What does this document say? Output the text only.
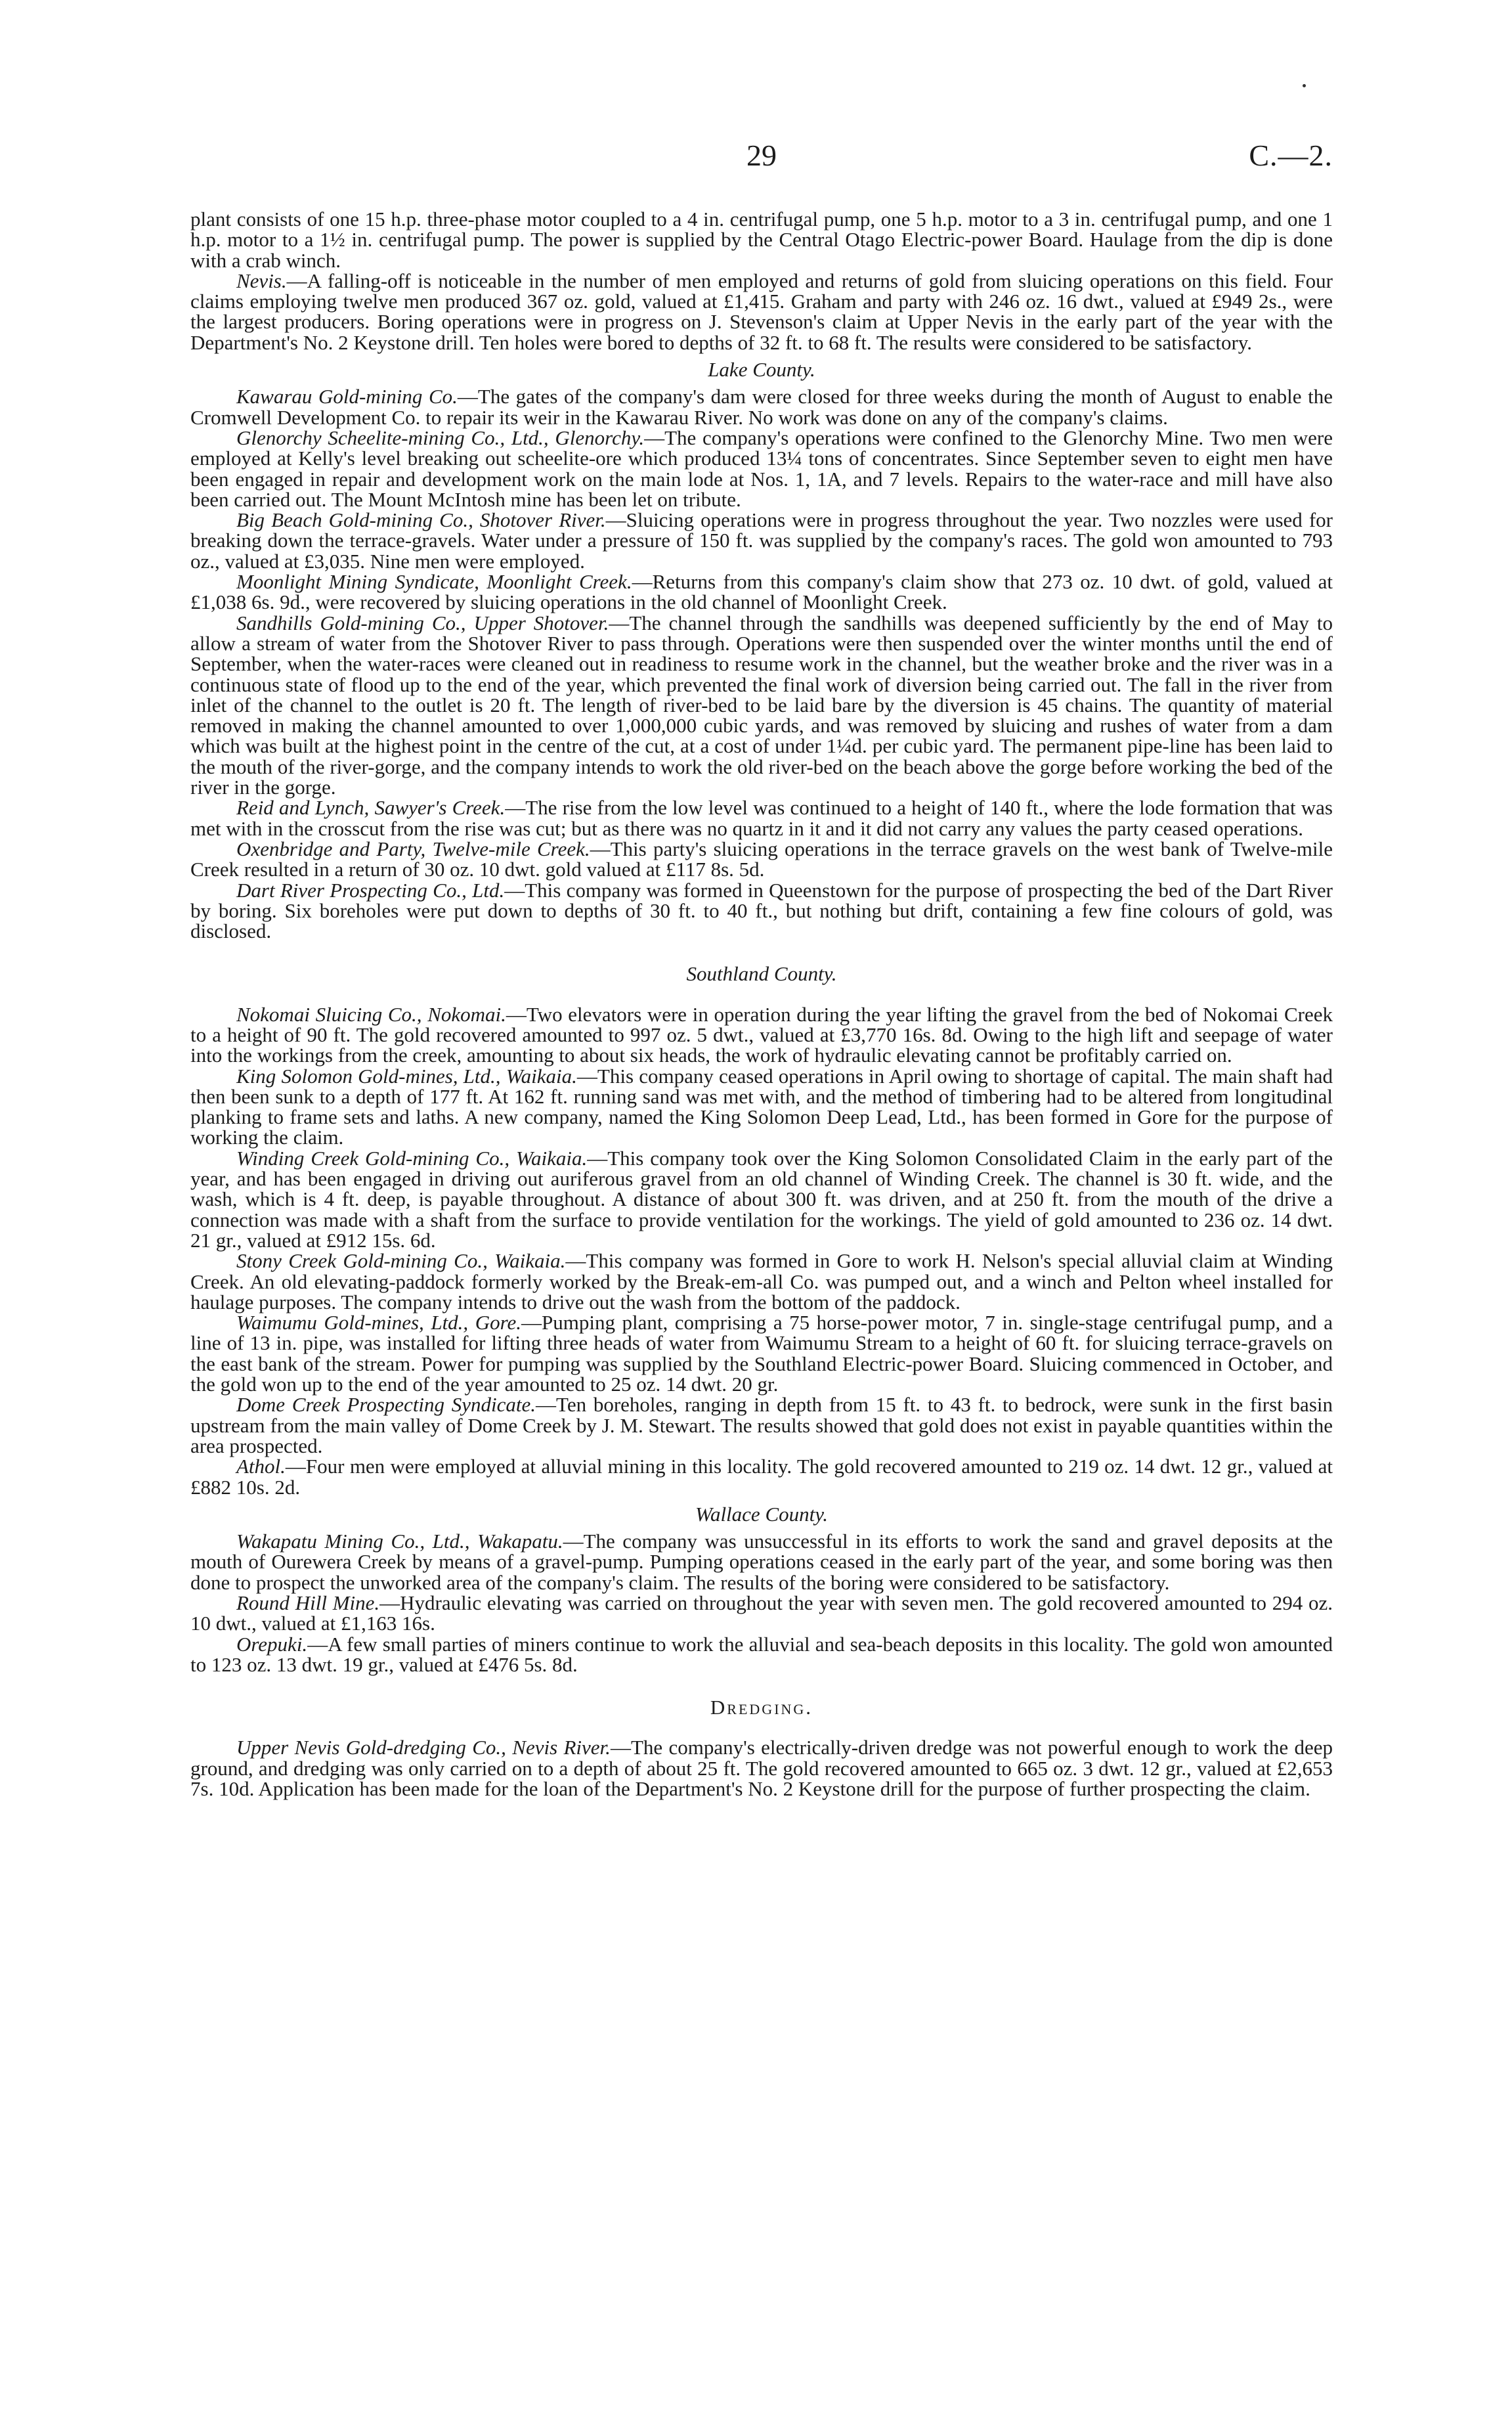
29	C.—2.

plant consists of one 15 h.p. three-phase motor coupled to a 4 in. centrifugal pump, one 5 h.p. motor to a 3 in. centrifugal pump, and one 1 h.p. motor to a 1½ in. centrifugal pump. The power is supplied by the Central Otago Electric-power Board. Haulage from the dip is done with a crab winch.

Nevis.—A falling-off is noticeable in the number of men employed and returns of gold from sluicing operations on this field. Four claims employing twelve men produced 367 oz. gold, valued at £1,415. Graham and party with 246 oz. 16 dwt., valued at £949 2s., were the largest producers. Boring operations were in progress on J. Stevenson's claim at Upper Nevis in the early part of the year with the Department's No. 2 Keystone drill. Ten holes were bored to depths of 32 ft. to 68 ft. The results were considered to be satisfactory.

Lake County.

Kawarau Gold-mining Co.—The gates of the company's dam were closed for three weeks during the month of August to enable the Cromwell Development Co. to repair its weir in the Kawarau River. No work was done on any of the company's claims.

Glenorchy Scheelite-mining Co., Ltd., Glenorchy.—The company's operations were confined to the Glenorchy Mine. Two men were employed at Kelly's level breaking out scheelite-ore which produced 13¼ tons of concentrates. Since September seven to eight men have been engaged in repair and development work on the main lode at Nos. 1, 1A, and 7 levels. Repairs to the water-race and mill have also been carried out. The Mount McIntosh mine has been let on tribute.

Big Beach Gold-mining Co., Shotover River.—Sluicing operations were in progress throughout the year. Two nozzles were used for breaking down the terrace-gravels. Water under a pressure of 150 ft. was supplied by the company's races. The gold won amounted to 793 oz., valued at £3,035. Nine men were employed.

Moonlight Mining Syndicate, Moonlight Creek.—Returns from this company's claim show that 273 oz. 10 dwt. of gold, valued at £1,038 6s. 9d., were recovered by sluicing operations in the old channel of Moonlight Creek.

Sandhills Gold-mining Co., Upper Shotover.—The channel through the sandhills was deepened sufficiently by the end of May to allow a stream of water from the Shotover River to pass through. Operations were then suspended over the winter months until the end of September, when the water-races were cleaned out in readiness to resume work in the channel, but the weather broke and the river was in a continuous state of flood up to the end of the year, which prevented the final work of diversion being carried out. The fall in the river from inlet of the channel to the outlet is 20 ft. The length of river-bed to be laid bare by the diversion is 45 chains. The quantity of material removed in making the channel amounted to over 1,000,000 cubic yards, and was removed by sluicing and rushes of water from a dam which was built at the highest point in the centre of the cut, at a cost of under 1¼d. per cubic yard. The permanent pipe-line has been laid to the mouth of the river-gorge, and the company intends to work the old river-bed on the beach above the gorge before working the bed of the river in the gorge.

Reid and Lynch, Sawyer's Creek.—The rise from the low level was continued to a height of 140 ft., where the lode formation that was met with in the crosscut from the rise was cut; but as there was no quartz in it and it did not carry any values the party ceased operations.

Oxenbridge and Party, Twelve-mile Creek.—This party's sluicing operations in the terrace gravels on the west bank of Twelve-mile Creek resulted in a return of 30 oz. 10 dwt. gold valued at £117 8s. 5d.

Dart River Prospecting Co., Ltd.—This company was formed in Queenstown for the purpose of prospecting the bed of the Dart River by boring. Six boreholes were put down to depths of 30 ft. to 40 ft., but nothing but drift, containing a few fine colours of gold, was disclosed.

Southland County.

Nokomai Sluicing Co., Nokomai.—Two elevators were in operation during the year lifting the gravel from the bed of Nokomai Creek to a height of 90 ft. The gold recovered amounted to 997 oz. 5 dwt., valued at £3,770 16s. 8d. Owing to the high lift and seepage of water into the workings from the creek, amounting to about six heads, the work of hydraulic elevating cannot be profitably carried on.

King Solomon Gold-mines, Ltd., Waikaia.—This company ceased operations in April owing to shortage of capital. The main shaft had then been sunk to a depth of 177 ft. At 162 ft. running sand was met with, and the method of timbering had to be altered from longitudinal planking to frame sets and laths. A new company, named the King Solomon Deep Lead, Ltd., has been formed in Gore for the purpose of working the claim.

Winding Creek Gold-mining Co., Waikaia.—This company took over the King Solomon Consolidated Claim in the early part of the year, and has been engaged in driving out auriferous gravel from an old channel of Winding Creek. The channel is 30 ft. wide, and the wash, which is 4 ft. deep, is payable throughout. A distance of about 300 ft. was driven, and at 250 ft. from the mouth of the drive a connection was made with a shaft from the surface to provide ventilation for the workings. The yield of gold amounted to 236 oz. 14 dwt. 21 gr., valued at £912 15s. 6d.

Stony Creek Gold-mining Co., Waikaia.—This company was formed in Gore to work H. Nelson's special alluvial claim at Winding Creek. An old elevating-paddock formerly worked by the Break-em-all Co. was pumped out, and a winch and Pelton wheel installed for haulage purposes. The company intends to drive out the wash from the bottom of the paddock.

Waimumu Gold-mines, Ltd., Gore.—Pumping plant, comprising a 75 horse-power motor, 7 in. single-stage centrifugal pump, and a line of 13 in. pipe, was installed for lifting three heads of water from Waimumu Stream to a height of 60 ft. for sluicing terrace-gravels on the east bank of the stream. Power for pumping was supplied by the Southland Electric-power Board. Sluicing commenced in October, and the gold won up to the end of the year amounted to 25 oz. 14 dwt. 20 gr.

Dome Creek Prospecting Syndicate.—Ten boreholes, ranging in depth from 15 ft. to 43 ft. to bedrock, were sunk in the first basin upstream from the main valley of Dome Creek by J. M. Stewart. The results showed that gold does not exist in payable quantities within the area prospected.

Athol.—Four men were employed at alluvial mining in this locality. The gold recovered amounted to 219 oz. 14 dwt. 12 gr., valued at £882 10s. 2d.

Wallace County.

Wakapatu Mining Co., Ltd., Wakapatu.—The company was unsuccessful in its efforts to work the sand and gravel deposits at the mouth of Ourewera Creek by means of a gravel-pump. Pumping operations ceased in the early part of the year, and some boring was then done to prospect the unworked area of the company's claim. The results of the boring were considered to be satisfactory.

Round Hill Mine.—Hydraulic elevating was carried on throughout the year with seven men. The gold recovered amounted to 294 oz. 10 dwt., valued at £1,163 16s.

Orepuki.—A few small parties of miners continue to work the alluvial and sea-beach deposits in this locality. The gold won amounted to 123 oz. 13 dwt. 19 gr., valued at £476 5s. 8d.

Dredging.

Upper Nevis Gold-dredging Co., Nevis River.—The company's electrically-driven dredge was not powerful enough to work the deep ground, and dredging was only carried on to a depth of about 25 ft. The gold recovered amounted to 665 oz. 3 dwt. 12 gr., valued at £2,653 7s. 10d. Application has been made for the loan of the Department's No. 2 Keystone drill for the purpose of further prospecting the claim.
